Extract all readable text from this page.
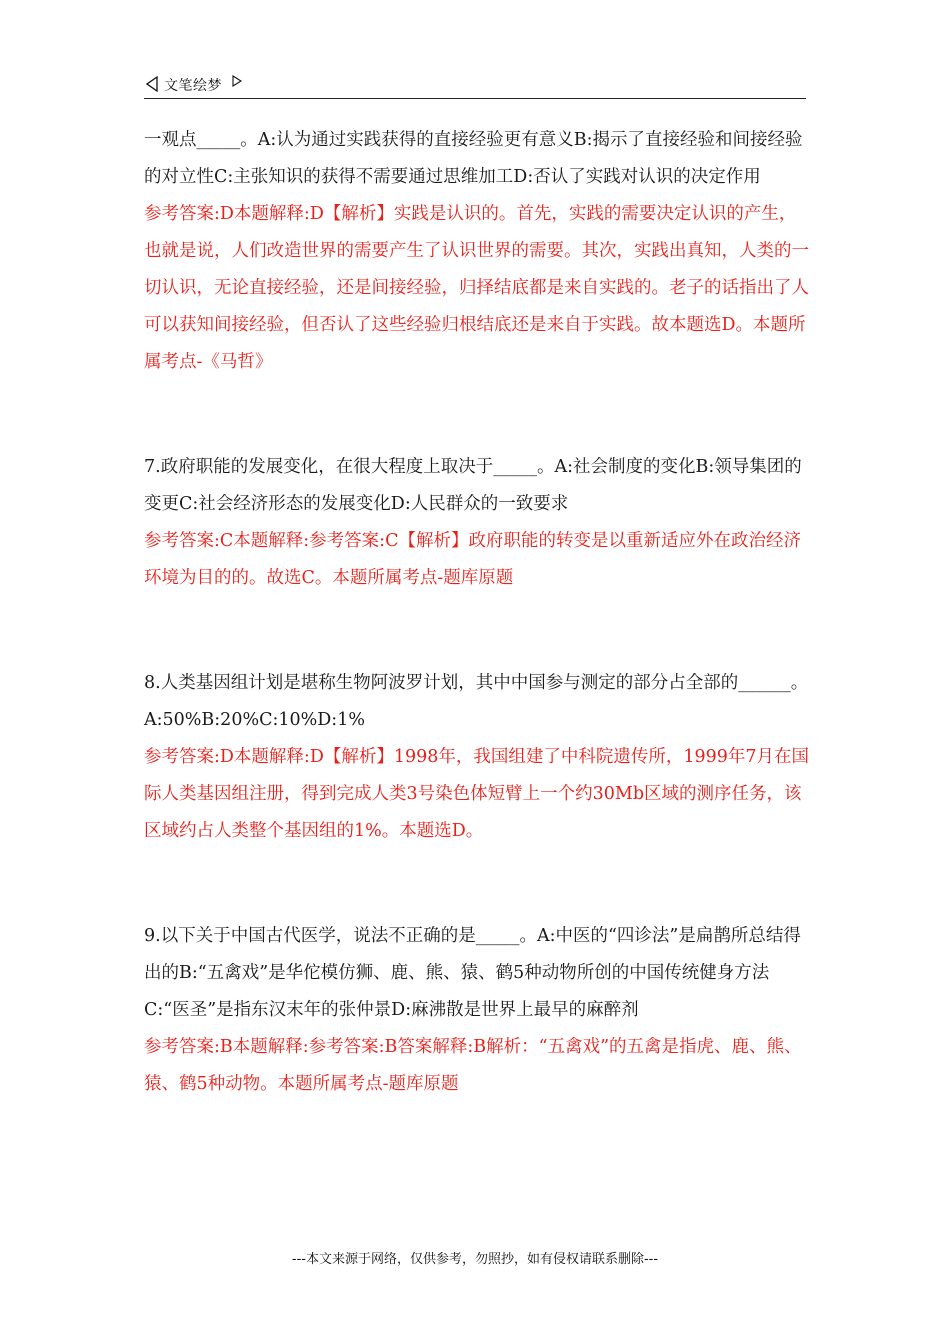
文笔绘梦

一观点_____。A:认为通过实践获得的直接经验更有意义B:揭示了直接经验和间接经验的对立性C:主张知识的获得不需要通过思维加工D:否认了实践对认识的决定作用

参考答案:D本题解释:D【解析】实践是认识的。首先，实践的需要决定认识的产生，也就是说，人们改造世界的需要产生了认识世界的需要。其次，实践出真知，人类的一切认识，无论直接经验，还是间接经验，归择结底都是来自实践的。老子的话指出了人可以获知间接经验，但否认了这些经验归根结底还是来自于实践。故本题选D。本题所属考点-《马哲》

7.政府职能的发展变化，在很大程度上取决于_____。A:社会制度的变化B:领导集团的变更C:社会经济形态的发展变化D:人民群众的一致要求

参考答案:C本题解释:参考答案:C【解析】政府职能的转变是以重新适应外在政治经济环境为目的的。故选C。本题所属考点-题库原题

8.人类基因组计划是堪称生物阿波罗计划，其中中国参与测定的部分占全部的______。A:50%B:20%C:10%D:1%

参考答案:D本题解释:D【解析】1998年，我国组建了中科院遗传所，1999年7月在国际人类基因组注册，得到完成人类3号染色体短臂上一个约30Mb区域的测序任务，该区域约占人类整个基因组的1%。本题选D。

9.以下关于中国古代医学，说法不正确的是_____。A:中医的“四诊法”是扁鹊所总结得出的B:“五禽戏”是华佗模仿狮、鹿、熊、猿、鹤5种动物所创的中国传统健身方法C:“医圣”是指东汉末年的张仲景D:麻沸散是世界上最早的麻醉剂

参考答案:B本题解释:参考答案:B答案解释:B解析：“五禽戏”的五禽是指虎、鹿、熊、猿、鹤5种动物。本题所属考点-题库原题

---本文来源于网络，仅供参考，勿照抄，如有侵权请联系删除---
